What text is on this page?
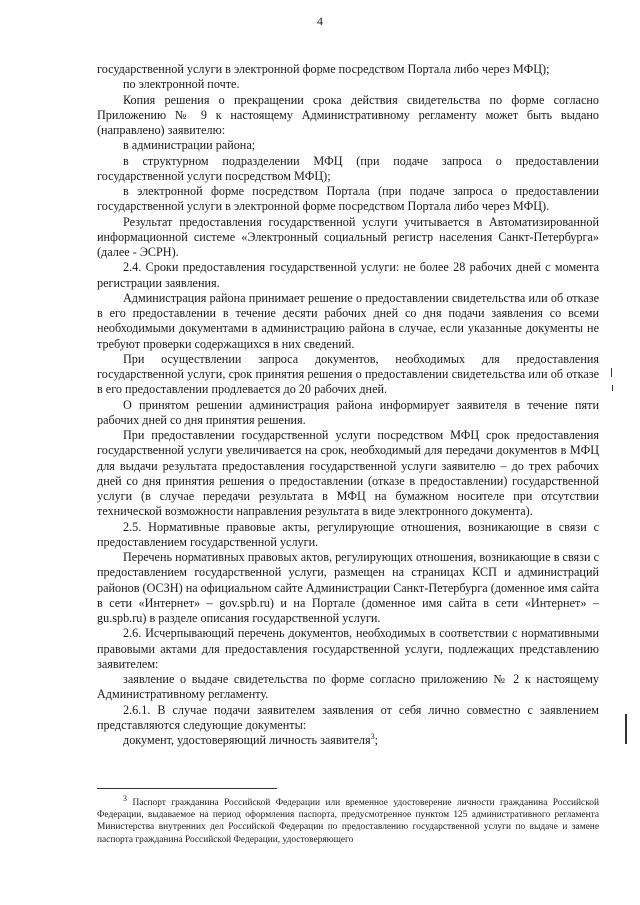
4

государственной услуги в электронной форме посредством Портала либо через МФЦ);

по электронной почте.

Копия решения о прекращении срока действия свидетельства по форме согласно Приложению № 9 к настоящему Административному регламенту может быть выдано (направлено) заявителю:

в администрации района;

в структурном подразделении МФЦ (при подаче запроса о предоставлении государственной услуги посредством МФЦ);

в электронной форме посредством Портала (при подаче запроса о предоставлении государственной услуги в электронной форме посредством Портала либо через МФЦ).

Результат предоставления государственной услуги учитывается в Автоматизированной информационной системе «Электронный социальный регистр населения Санкт-Петербурга» (далее - ЭСРН).

2.4. Сроки предоставления государственной услуги: не более 28 рабочих дней с момента регистрации заявления.

Администрация района принимает решение о предоставлении свидетельства или об отказе в его предоставлении в течение десяти рабочих дней со дня подачи заявления со всеми необходимыми документами в администрацию района в случае, если указанные документы не требуют проверки содержащихся в них сведений.

При осуществлении запроса документов, необходимых для предоставления государственной услуги, срок принятия решения о предоставлении свидетельства или об отказе в его предоставлении продлевается до 20 рабочих дней.

О принятом решении администрация района информирует заявителя в течение пяти рабочих дней со дня принятия решения.

При предоставлении государственной услуги посредством МФЦ срок предоставления государственной услуги увеличивается на срок, необходимый для передачи документов в МФЦ для выдачи результата предоставления государственной услуги заявителю – до трех рабочих дней со дня принятия решения о предоставлении (отказе в предоставлении) государственной услуги (в случае передачи результата в МФЦ на бумажном носителе при отсутствии технической возможности направления результата в виде электронного документа).

2.5. Нормативные правовые акты, регулирующие отношения, возникающие в связи с предоставлением государственной услуги.

Перечень нормативных правовых актов, регулирующих отношения, возникающие в связи с предоставлением государственной услуги, размещен на страницах КСП и администраций районов (ОСЗН) на официальном сайте Администрации Санкт-Петербурга (доменное имя сайта в сети «Интернет» – gov.spb.ru) и на Портале (доменное имя сайта в сети «Интернет» – gu.spb.ru) в разделе описания государственной услуги.

2.6. Исчерпывающий перечень документов, необходимых в соответствии с нормативными правовыми актами для предоставления государственной услуги, подлежащих представлению заявителем:

заявление о выдаче свидетельства по форме согласно приложению № 2 к настоящему Административному регламенту.

2.6.1. В случае подачи заявителем заявления от себя лично совместно с заявлением представляются следующие документы:

документ, удостоверяющий личность заявителя$^3$;

$^3$ Паспорт гражданина Российской Федерации или временное удостоверение личности гражданина Российской Федерации, выдаваемое на период оформления паспорта, предусмотренное пунктом 125 административного регламента Министерства внутренних дел Российской Федерации по предоставлению государственной услуги по выдаче и замене паспорта гражданина Российской Федерации, удостоверяющего
